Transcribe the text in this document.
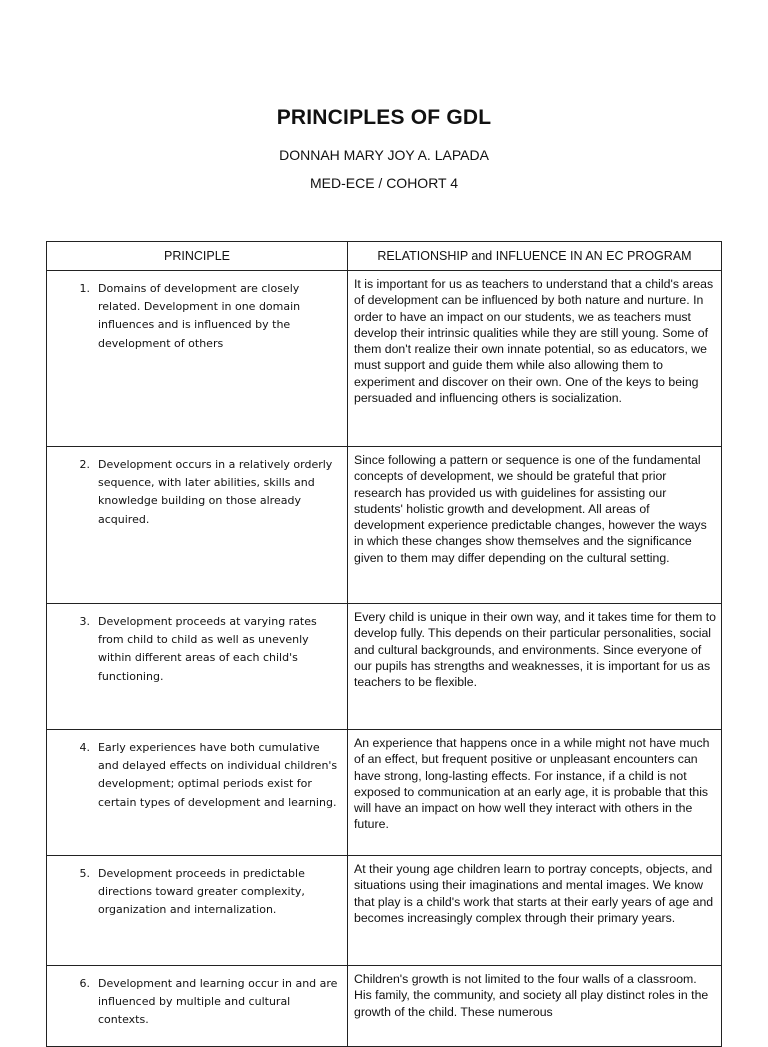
PRINCIPLES OF GDL
DONNAH MARY JOY A. LAPADA
MED-ECE / COHORT 4
PRINCIPLE	RELATIONSHIP and INFLUENCE IN AN EC PROGRAM

1. Domains of development are closely related. Development in one domain influences and is influenced by the development of others	It is important for us as teachers to understand that a child's areas of development can be influenced by both nature and nurture. In order to have an impact on our students, we as teachers must develop their intrinsic qualities while they are still young. Some of them don't realize their own innate potential, so as educators, we must support and guide them while also allowing them to experiment and discover on their own. One of the keys to being persuaded and influencing others is socialization.

2. Development occurs in a relatively orderly sequence, with later abilities, skills and knowledge building on those already acquired.	Since following a pattern or sequence is one of the fundamental concepts of development, we should be grateful that prior research has provided us with guidelines for assisting our students' holistic growth and development. All areas of development experience predictable changes, however the ways in which these changes show themselves and the significance given to them may differ depending on the cultural setting.

3. Development proceeds at varying rates from child to child as well as unevenly within different areas of each child's functioning.	Every child is unique in their own way, and it takes time for them to develop fully. This depends on their particular personalities, social and cultural backgrounds, and environments. Since everyone of our pupils has strengths and weaknesses, it is important for us as teachers to be flexible.

4. Early experiences have both cumulative and delayed effects on individual children's development; optimal periods exist for certain types of development and learning.	An experience that happens once in a while might not have much of an effect, but frequent positive or unpleasant encounters can have strong, long-lasting effects. For instance, if a child is not exposed to communication at an early age, it is probable that this will have an impact on how well they interact with others in the future.

5. Development proceeds in predictable directions toward greater complexity, organization and internalization.	At their young age children learn to portray concepts, objects, and situations using their imaginations and mental images. We know that play is a child's work that starts at their early years of age and becomes increasingly complex through their primary years.

6. Development and learning occur in and are influenced by multiple and cultural contexts.	Children's growth is not limited to the four walls of a classroom. His family, the community, and society all play distinct roles in the growth of the child. These numerous
